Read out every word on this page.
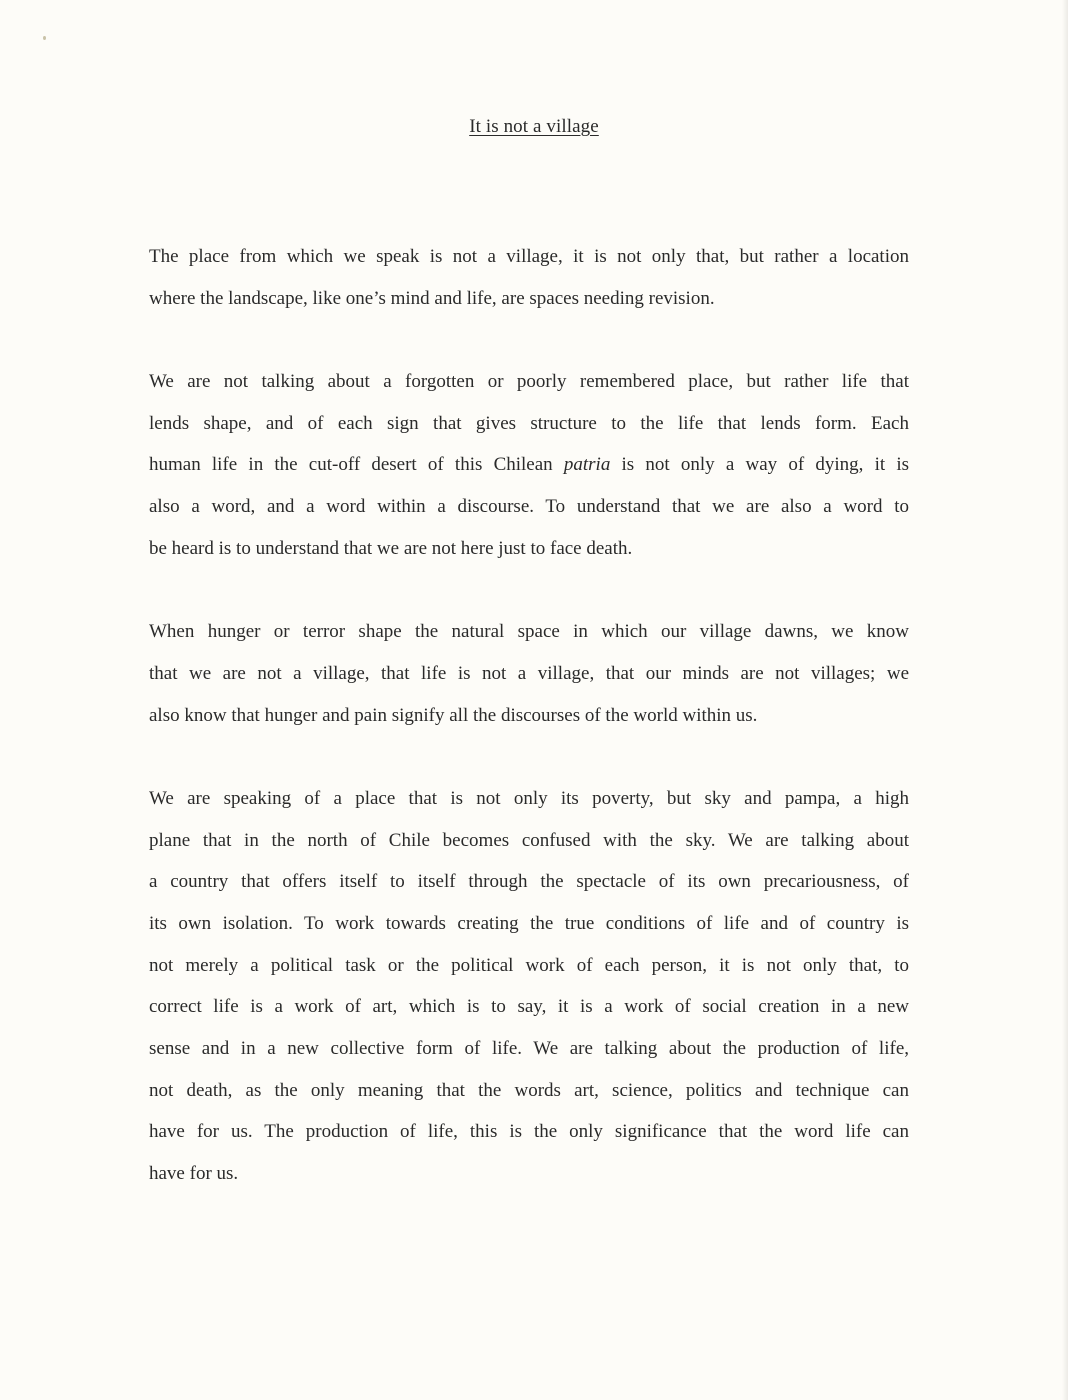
It is not a village
The place from which we speak is not a village, it is not only that, but rather a location
where the landscape, like one’s mind and life, are spaces needing revision.
We are not talking about a forgotten or poorly remembered place, but rather life that
lends shape, and of each sign that gives structure to the life that lends form. Each
human life in the cut-off desert of this Chilean patria is not only a way of dying, it is
also a word, and a word within a discourse. To understand that we are also a word to
be heard is to understand that we are not here just to face death.
When hunger or terror shape the natural space in which our village dawns, we know
that we are not a village, that life is not a village, that our minds are not villages; we
also know that hunger and pain signify all the discourses of the world within us.
We are speaking of a place that is not only its poverty, but sky and pampa, a high
plane that in the north of Chile becomes confused with the sky. We are talking about
a country that offers itself to itself through the spectacle of its own precariousness, of
its own isolation. To work towards creating the true conditions of life and of country is
not merely a political task or the political work of each person, it is not only that, to
correct life is a work of art, which is to say, it is a work of social creation in a new
sense and in a new collective form of life. We are talking about the production of life,
not death, as the only meaning that the words art, science, politics and technique can
have for us. The production of life, this is the only significance that the word life can
have for us.
